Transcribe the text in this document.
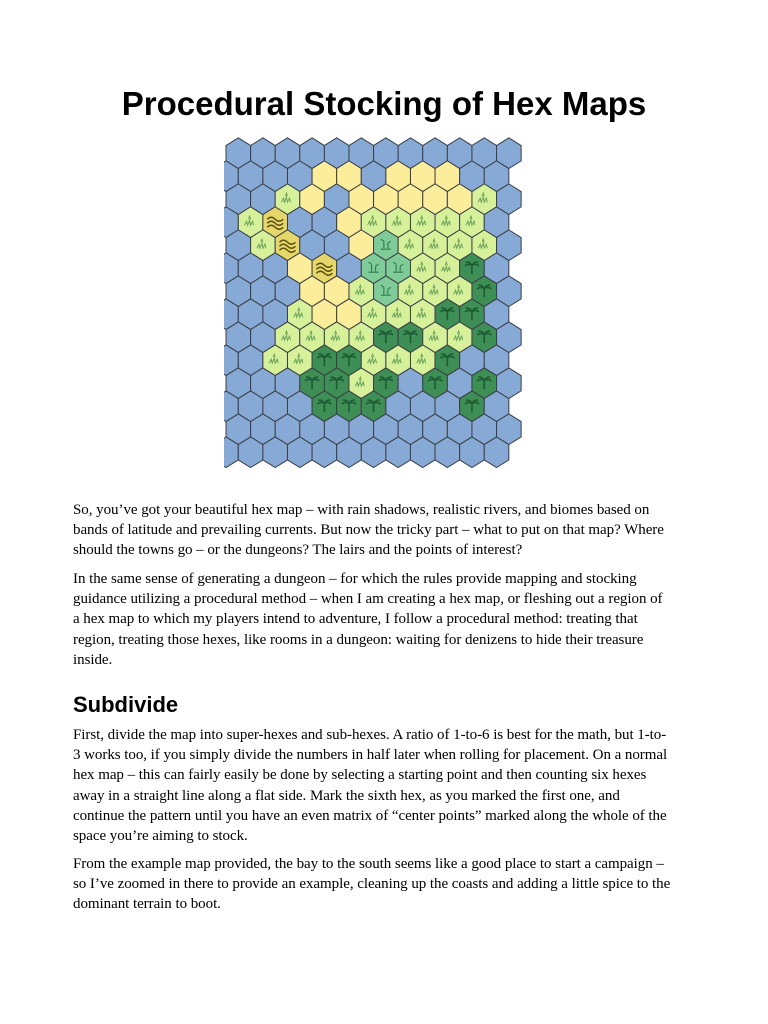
Procedural Stocking of Hex Maps

So, you’ve got your beautiful hex map – with rain shadows, realistic rivers, and biomes based on
bands of latitude and prevailing currents. But now the tricky part – what to put on that map? Where
should the towns go – or the dungeons? The lairs and the points of interest?

In the same sense of generating a dungeon – for which the rules provide mapping and stocking
guidance utilizing a procedural method – when I am creating a hex map, or fleshing out a region of
a hex map to which my players intend to adventure, I follow a procedural method: treating that
region, treating those hexes, like rooms in a dungeon: waiting for denizens to hide their treasure
inside.

Subdivide

First, divide the map into super-hexes and sub-hexes. A ratio of 1-to-6 is best for the math, but 1-to-
3 works too, if you simply divide the numbers in half later when rolling for placement. On a normal
hex map – this can fairly easily be done by selecting a starting point and then counting six hexes
away in a straight line along a flat side. Mark the sixth hex, as you marked the first one, and
continue the pattern until you have an even matrix of “center points” marked along the whole of the
space you’re aiming to stock.

From the example map provided, the bay to the south seems like a good place to start a campaign –
so I’ve zoomed in there to provide an example, cleaning up the coasts and adding a little spice to the
dominant terrain to boot.
